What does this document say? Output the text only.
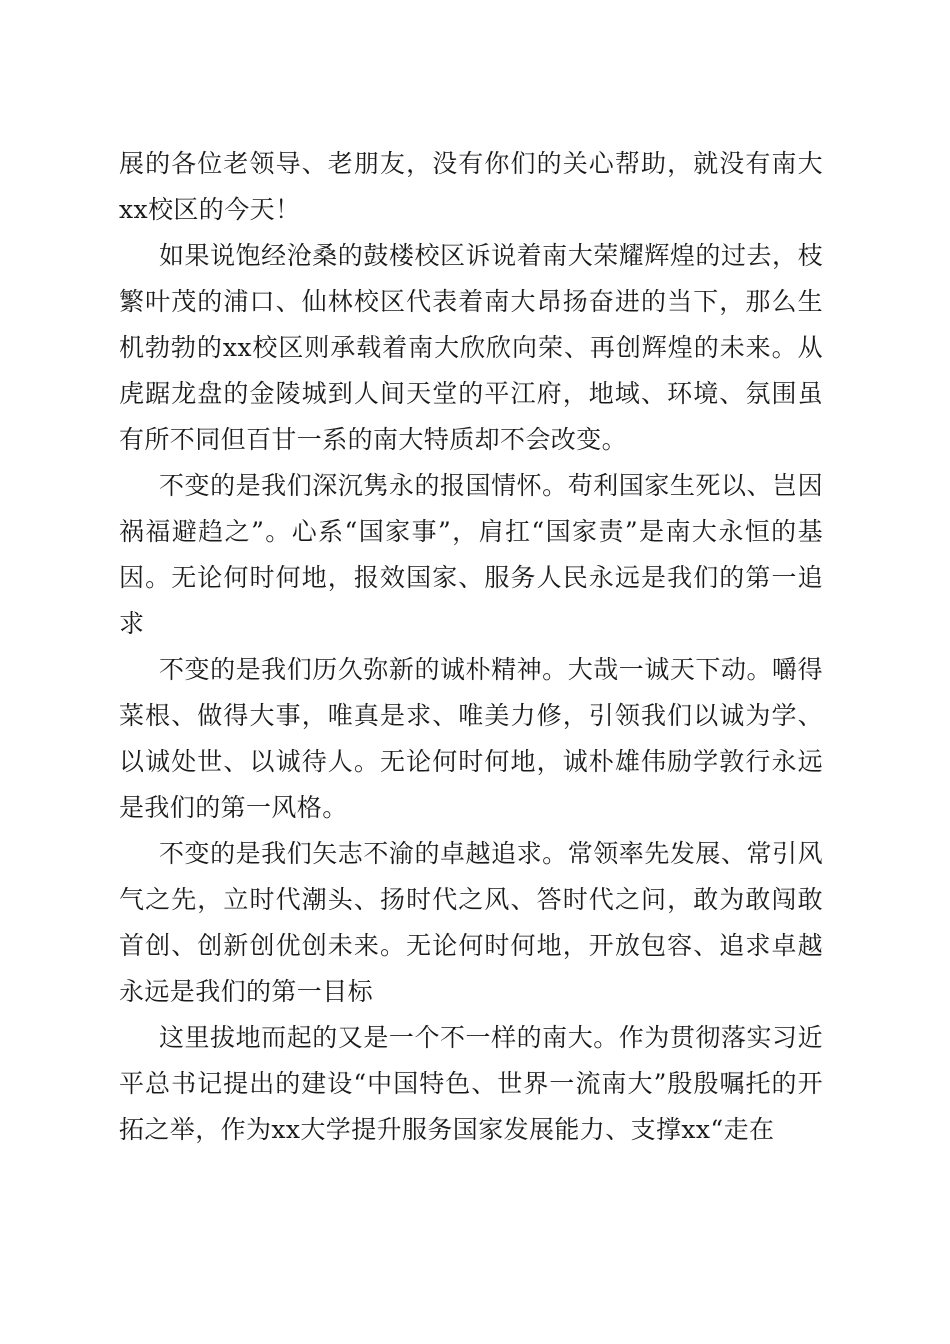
展的各位老领导、老朋友，没有你们的关心帮助，就没有南大xx校区的今天！

如果说饱经沧桑的鼓楼校区诉说着南大荣耀辉煌的过去，枝繁叶茂的浦口、仙林校区代表着南大昂扬奋进的当下，那么生机勃勃的xx校区则承载着南大欣欣向荣、再创辉煌的未来。从虎踞龙盘的金陵城到人间天堂的平江府，地域、环境、氛围虽有所不同但百甘一系的南大特质却不会改变。

不变的是我们深沉隽永的报国情怀。苟利国家生死以、岂因祸福避趋之”。心系“国家事”，肩扛“国家责”是南大永恒的基因。无论何时何地，报效国家、服务人民永远是我们的第一追求

不变的是我们历久弥新的诚朴精神。大哉一诚天下动。嚼得菜根、做得大事，唯真是求、唯美力修，引领我们以诚为学、以诚处世、以诚待人。无论何时何地，诚朴雄伟励学敦行永远是我们的第一风格。

不变的是我们矢志不渝的卓越追求。常领率先发展、常引风气之先，立时代潮头、扬时代之风、答时代之问，敢为敢闯敢首创、创新创优创未来。无论何时何地，开放包容、追求卓越永远是我们的第一目标

这里拔地而起的又是一个不一样的南大。作为贯彻落实习近平总书记提出的建设“中国特色、世界一流南大”殷殷嘱托的开拓之举，作为xx大学提升服务国家发展能力、支撑xx“走在
